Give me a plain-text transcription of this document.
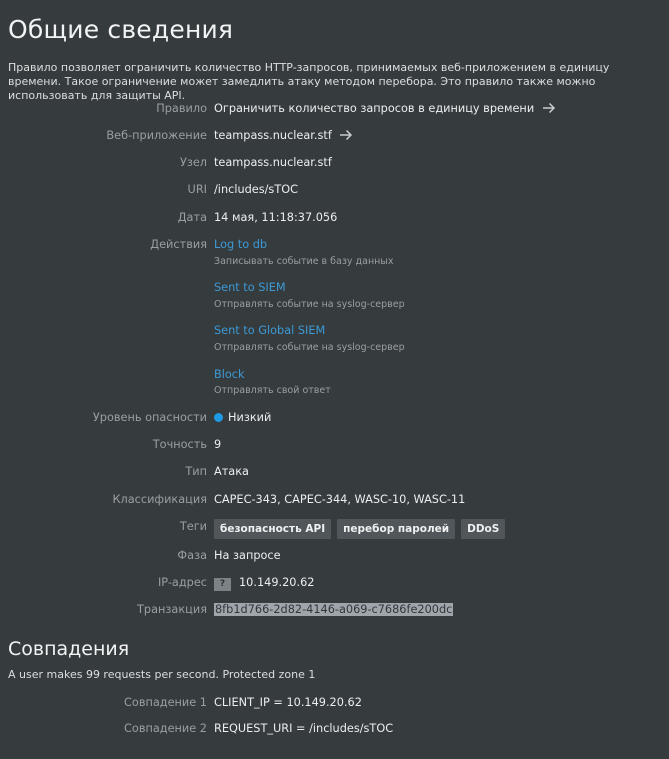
Общие сведения

Правило позволяет ограничить количество HTTP-запросов, принимаемых веб-приложением в единицу времени. Такое ограничение может замедлить атаку методом перебора. Это правило также можно использовать для защиты API.

Правило Ограничить количество запросов в единицу времени
Веб-приложение teampass.nuclear.stf
Узел teampass.nuclear.stf
URI /includes/sTOC
Дата 14 мая, 11:18:37.056
Действия Log to db
Записывать событие в базу данных
Sent to SIEM
Отправлять событие на syslog-сервер
Sent to Global SIEM
Отправлять событие на syslog-сервер
Block
Отправлять свой ответ
Уровень опасности	Низкий
Точность 9
Тип Атака
Классификация CAPEC-343, CAPEC-344, WASC-10, WASC-11
Теги	безопасность API перебор паролей DDoS
Фаза На запросе
IP-адрес	? 10.149.20.62
Транзакция 8fb1d766-2d82-4146-a069-c7686fe200dc
Совпадения
A user makes 99 requests per second. Protected zone 1
Совпадение 1 CLIENT_IP = 10.149.20.62
Совпадение 2 REQUEST_URI = /includes/sTOC
